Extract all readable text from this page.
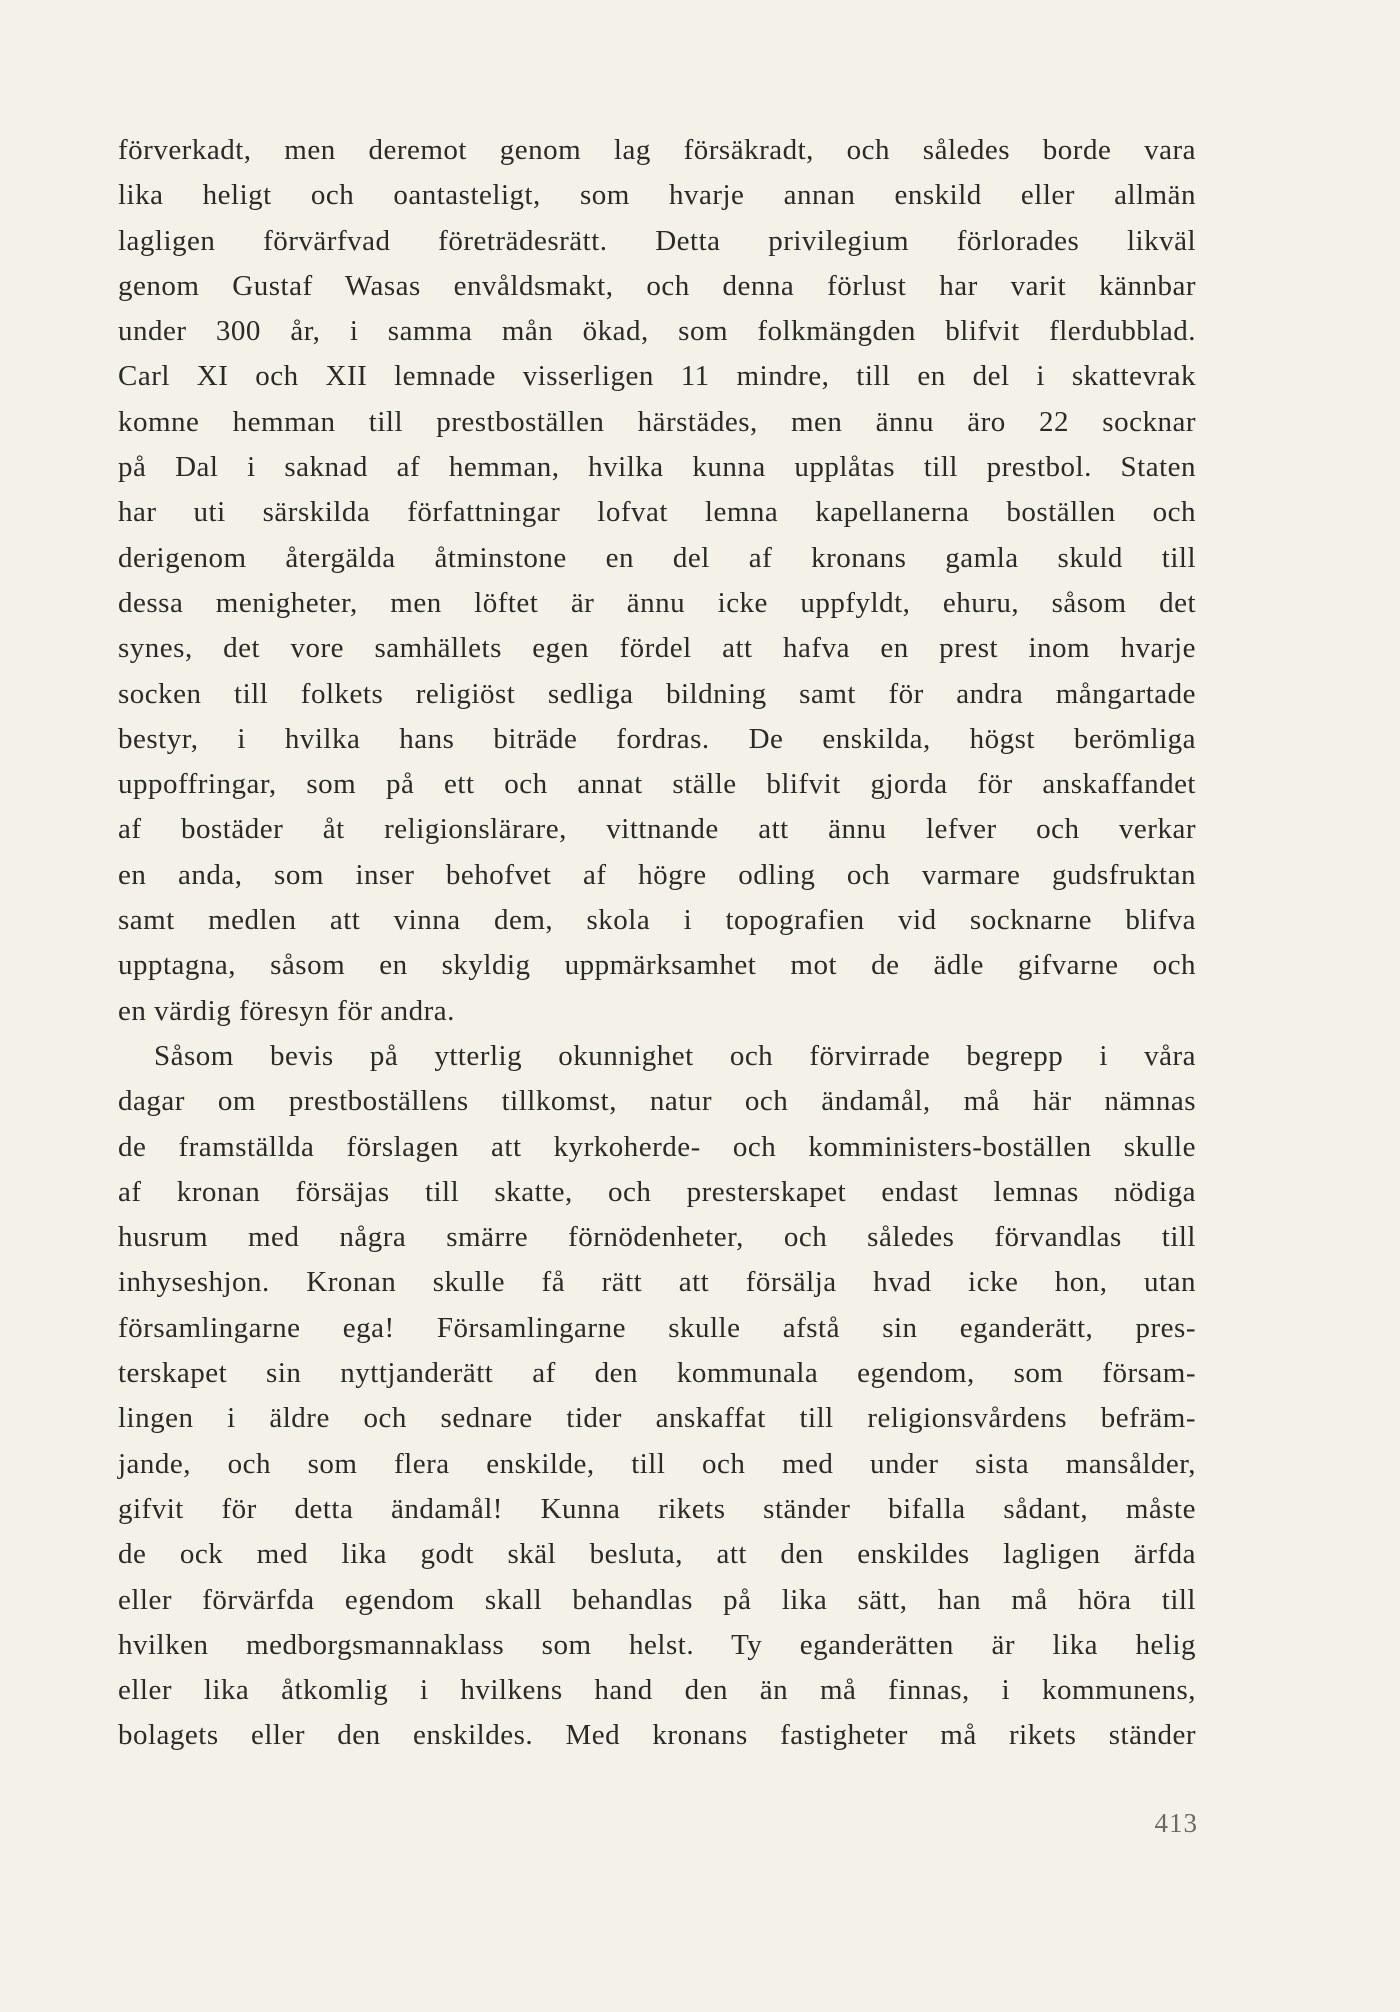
förverkadt, men deremot genom lag försäkradt, och således borde vara
lika heligt och oantasteligt, som hvarje annan enskild eller allmän
lagligen förvärfvad företrädesrätt. Detta privilegium förlorades likväl
genom Gustaf Wasas envåldsmakt, och denna förlust har varit kännbar
under 300 år, i samma mån ökad, som folkmängden blifvit flerdubblad.
Carl XI och XII lemnade visserligen 11 mindre, till en del i skattevrak
komne hemman till prestboställen härstädes, men ännu äro 22 socknar
på Dal i saknad af hemman, hvilka kunna upplåtas till prestbol. Staten
har uti särskilda författningar lofvat lemna kapellanerna boställen och
derigenom återgälda åtminstone en del af kronans gamla skuld till
dessa menigheter, men löftet är ännu icke uppfyldt, ehuru, såsom det
synes, det vore samhällets egen fördel att hafva en prest inom hvarje
socken till folkets religiöst sedliga bildning samt för andra mångartade
bestyr, i hvilka hans biträde fordras. De enskilda, högst berömliga
uppoffringar, som på ett och annat ställe blifvit gjorda för anskaffandet
af bostäder åt religionslärare, vittnande att ännu lefver och verkar
en anda, som inser behofvet af högre odling och varmare gudsfruktan
samt medlen att vinna dem, skola i topografien vid socknarne blifva
upptagna, såsom en skyldig uppmärksamhet mot de ädle gifvarne och
en värdig föresyn för andra.
Såsom bevis på ytterlig okunnighet och förvirrade begrepp i våra
dagar om prestboställens tillkomst, natur och ändamål, må här nämnas
de framställda förslagen att kyrkoherde- och komministers-boställen skulle
af kronan försäjas till skatte, och presterskapet endast lemnas nödiga
husrum med några smärre förnödenheter, och således förvandlas till
inhyseshjon. Kronan skulle få rätt att försälja hvad icke hon, utan
församlingarne ega! Församlingarne skulle afstå sin eganderätt, pres-
terskapet sin nyttjanderätt af den kommunala egendom, som försam-
lingen i äldre och sednare tider anskaffat till religionsvårdens befräm-
jande, och som flera enskilde, till och med under sista mansålder,
gifvit för detta ändamål! Kunna rikets ständer bifalla sådant, måste
de ock med lika godt skäl besluta, att den enskildes lagligen ärfda
eller förvärfda egendom skall behandlas på lika sätt, han må höra till
hvilken medborgsmannaklass som helst. Ty eganderätten är lika helig
eller lika åtkomlig i hvilkens hand den än må finnas, i kommunens,
bolagets eller den enskildes. Med kronans fastigheter må rikets ständer
413
